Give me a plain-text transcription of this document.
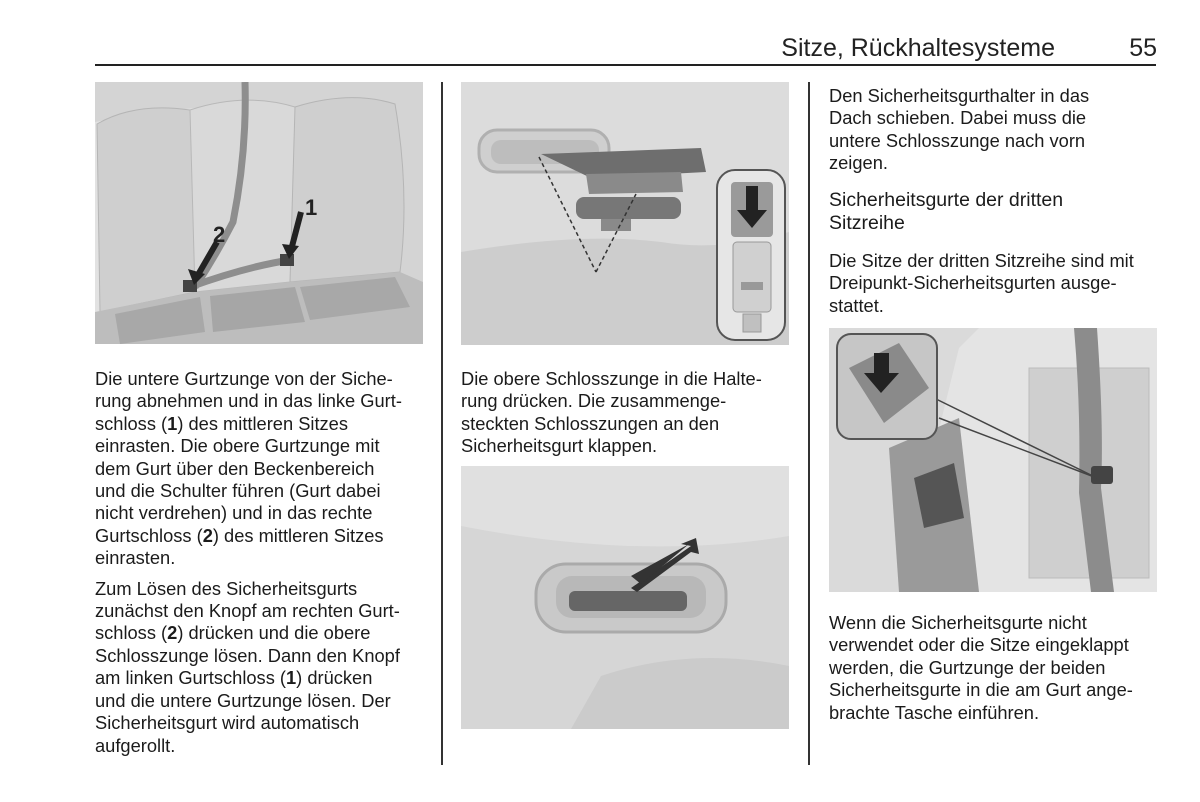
Sitze, Rückhaltesysteme	55
1
2

Die untere Gurtzunge von der Siche-
rung abnehmen und in das linke Gurt-
schloss (1) des mittleren Sitzes
einrasten. Die obere Gurtzunge mit
dem Gurt über den Beckenbereich
und die Schulter führen (Gurt dabei
nicht verdrehen) und in das rechte
Gurtschloss (2) des mittleren Sitzes
einrasten.

Zum Lösen des Sicherheitsgurts
zunächst den Knopf am rechten Gurt-
schloss (2) drücken und die obere
Schlosszunge lösen. Dann den Knopf
am linken Gurtschloss (1) drücken
und die untere Gurtzunge lösen. Der
Sicherheitsgurt wird automatisch
aufgerollt.

Die obere Schlosszunge in die Halte-
rung drücken. Die zusammenge-
steckten Schlosszungen an den
Sicherheitsgurt klappen.

Den Sicherheitsgurthalter in das
Dach schieben. Dabei muss die
untere Schlosszunge nach vorn
zeigen.

Sicherheitsgurte der dritten
Sitzreihe

Die Sitze der dritten Sitzreihe sind mit
Dreipunkt-Sicherheitsgurten ausge-
stattet.

Wenn die Sicherheitsgurte nicht
verwendet oder die Sitze eingeklappt
werden, die Gurtzunge der beiden
Sicherheitsgurte in die am Gurt ange-
brachte Tasche einführen.
